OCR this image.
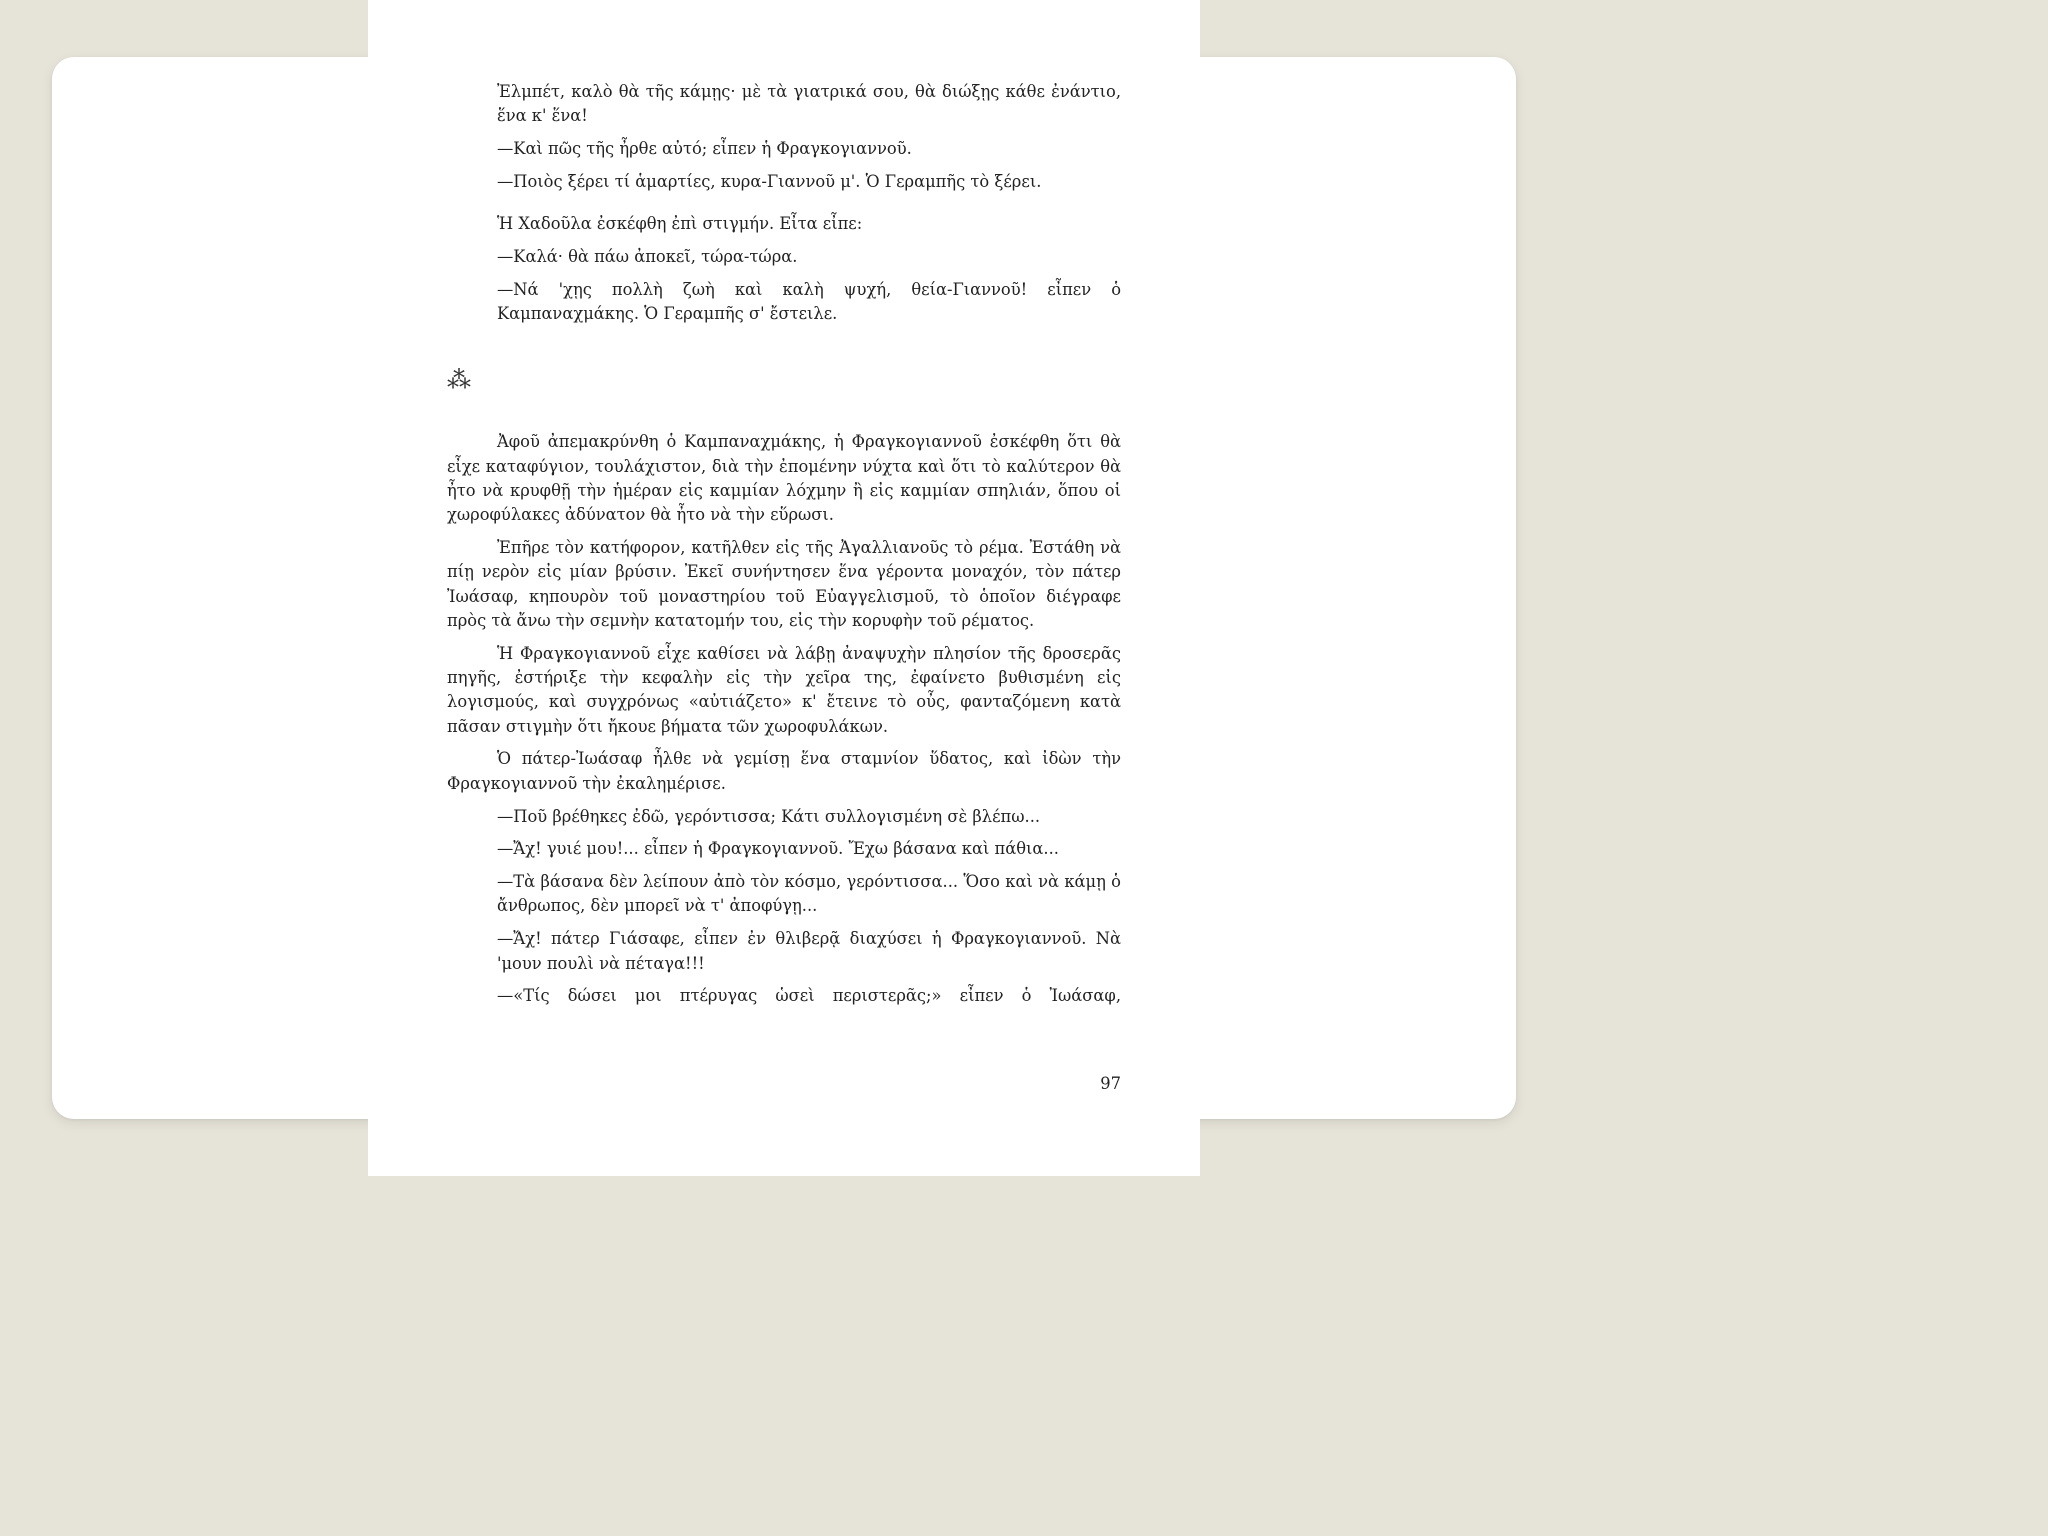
Ἐλμπέτ, καλὸ θὰ τῆς κάμῃς· μὲ τὰ γιατρικά σου, θὰ διώξῃς κάθε ἐνάντιο, ἕνα κ' ἕνα!

—Καὶ πῶς τῆς ἦρθε αὐτό; εἶπεν ἡ Φραγκογιαννοῦ.

—Ποιὸς ξέρει τί ἁμαρτίες, κυρα-Γιαννοῦ μ'. Ὁ Γεραμπῆς τὸ ξέρει.

Ἡ Χαδοῦλα ἐσκέφθη ἐπὶ στιγμήν. Εἶτα εἶπε:

—Καλά· θὰ πάω ἀποκεῖ, τώρα-τώρα.

—Νά 'χῃς πολλὴ ζωὴ καὶ καλὴ ψυχή, θεία-Γιαννοῦ! εἶπεν ὁ Καμπαναχμάκης. Ὁ Γεραμπῆς σ' ἔστειλε.

⁂

Ἀφοῦ ἀπεμακρύνθη ὁ Καμπαναχμάκης, ἡ Φραγκογιαννοῦ ἐσκέφθη ὅτι θὰ εἶχε καταφύγιον, τουλάχιστον, διὰ τὴν ἐπομένην νύχτα καὶ ὅτι τὸ καλύτερον θὰ ἦτο νὰ κρυφθῇ τὴν ἡμέραν εἰς καμμίαν λόχμην ἢ εἰς καμμίαν σπηλιάν, ὅπου οἱ χωροφύλακες ἀδύνατον θὰ ἦτο νὰ τὴν εὕρωσι.

Ἐπῆρε τὸν κατήφορον, κατῆλθεν εἰς τῆς Ἀγαλλιανοῦς τὸ ρέμα. Ἐστάθη νὰ πίῃ νερὸν εἰς μίαν βρύσιν. Ἐκεῖ συνήντησεν ἕνα γέροντα μοναχόν, τὸν πάτερ Ἰωάσαφ, κηπουρὸν τοῦ μοναστηρίου τοῦ Εὐαγγελισμοῦ, τὸ ὁποῖον διέγραφε πρὸς τὰ ἄνω τὴν σεμνὴν κατατομήν του, εἰς τὴν κορυφὴν τοῦ ρέματος.

Ἡ Φραγκογιαννοῦ εἶχε καθίσει νὰ λάβῃ ἀναψυχὴν πλησίον τῆς δροσερᾶς πηγῆς, ἐστήριξε τὴν κεφαλὴν εἰς τὴν χεῖρα της, ἐφαίνετο βυθισμένη εἰς λογισμούς, καὶ συγχρόνως «αὐτιάζετο» κ' ἔτεινε τὸ οὖς, φανταζόμενη κατὰ πᾶσαν στιγμὴν ὅτι ἤκουε βήματα τῶν χωροφυλάκων.

Ὁ πάτερ-Ἰωάσαφ ἦλθε νὰ γεμίσῃ ἕνα σταμνίον ὕδατος, καὶ ἰδὼν τὴν Φραγκογιαννοῦ τὴν ἐκαλημέρισε.

—Ποῦ βρέθηκες ἐδῶ, γερόντισσα; Κάτι συλλογισμένη σὲ βλέπω...

—Ἄχ! γυιέ μου!... εἶπεν ἡ Φραγκογιαννοῦ. Ἔχω βάσανα καὶ πάθια...

—Τὰ βάσανα δὲν λείπουν ἀπὸ τὸν κόσμο, γερόντισσα... Ὅσο καὶ νὰ κάμῃ ὁ ἄνθρωπος, δὲν μπορεῖ νὰ τ' ἀποφύγῃ...

—Ἄχ! πάτερ Γιάσαφε, εἶπεν ἐν θλιβερᾷ διαχύσει ἡ Φραγκογιαννοῦ. Νὰ 'μουν πουλὶ νὰ πέταγα!!!

—«Τίς δώσει μοι πτέρυγας ὡσεὶ περιστερᾶς;» εἶπεν ὁ Ἰωάσαφ,

97
